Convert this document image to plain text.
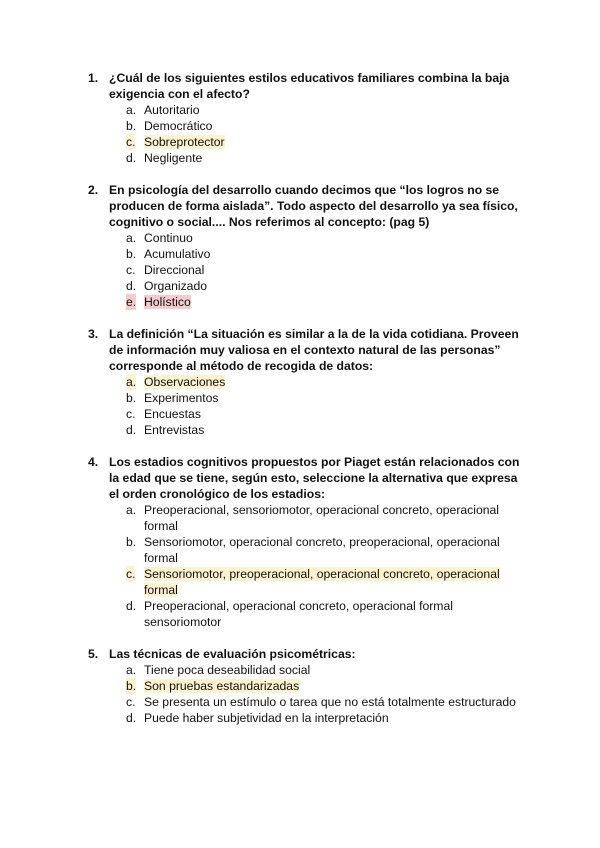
1. ¿Cuál de los siguientes estilos educativos familiares combina la baja exigencia con el afecto?
a. Autoritario
b. Democrático
c. Sobreprotector
d. Negligente
2. En psicología del desarrollo cuando decimos que “los logros no se producen de forma aislada”. Todo aspecto del desarrollo ya sea físico, cognitivo o social.... Nos referimos al concepto: (pag 5)
a. Continuo
b. Acumulativo
c. Direccional
d. Organizado
e. Holístico
3. La definición “La situación es similar a la de la vida cotidiana. Proveen de información muy valiosa en el contexto natural de las personas” corresponde al método de recogida de datos:
a. Observaciones
b. Experimentos
c. Encuestas
d. Entrevistas
4. Los estadios cognitivos propuestos por Piaget están relacionados con la edad que se tiene, según esto, seleccione la alternativa que expresa el orden cronológico de los estadios:
a. Preoperacional, sensoriomotor, operacional concreto, operacional formal
b. Sensoriomotor, operacional concreto, preoperacional, operacional formal
c. Sensoriomotor, preoperacional, operacional concreto, operacional formal
d. Preoperacional, operacional concreto, operacional formal sensoriomotor
5. Las técnicas de evaluación psicométricas:
a. Tiene poca deseabilidad social
b. Son pruebas estandarizadas
c. Se presenta un estímulo o tarea que no está totalmente estructurado
d. Puede haber subjetividad en la interpretación
